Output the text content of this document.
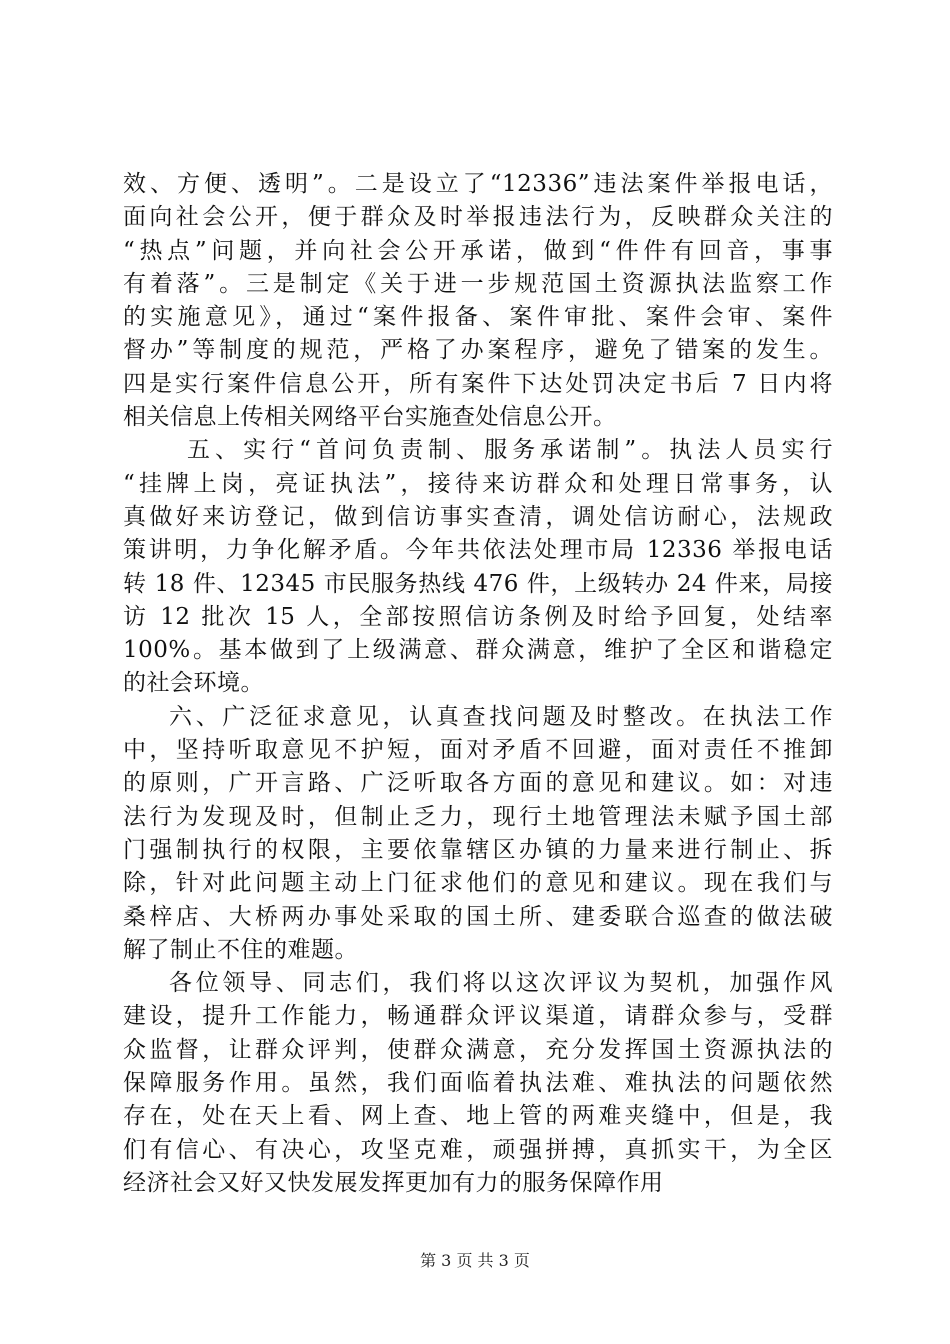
效、方便、透明”。二是设立了“12336”违法案件举报电话，
面向社会公开，便于群众及时举报违法行为，反映群众关注的
“热点”问题，并向社会公开承诺，做到“件件有回音，事事
有着落”。三是制定《关于进一步规范国土资源执法监察工作
的实施意见》，通过“案件报备、案件审批、案件会审、案件
督办”等制度的规范，严格了办案程序，避免了错案的发生。
四是实行案件信息公开，所有案件下达处罚决定书后 7 日内将
相关信息上传相关网络平台实施查处信息公开。
五、实行“首问负责制、服务承诺制”。执法人员实行
“挂牌上岗，亮证执法”，接待来访群众和处理日常事务，认
真做好来访登记，做到信访事实查清，调处信访耐心，法规政
策讲明，力争化解矛盾。今年共依法处理市局 12336 举报电话
转 18 件、12345 市民服务热线 476 件，上级转办 24 件来，局接
访 12 批次 15 人，全部按照信访条例及时给予回复，处结率
100%。基本做到了上级满意、群众满意，维护了全区和谐稳定
的社会环境。
六、广泛征求意见，认真查找问题及时整改。在执法工作
中，坚持听取意见不护短，面对矛盾不回避，面对责任不推卸
的原则，广开言路、广泛听取各方面的意见和建议。如：对违
法行为发现及时，但制止乏力，现行土地管理法未赋予国土部
门强制执行的权限，主要依靠辖区办镇的力量来进行制止、拆
除，针对此问题主动上门征求他们的意见和建议。现在我们与
桑梓店、大桥两办事处采取的国土所、建委联合巡查的做法破
解了制止不住的难题。
各位领导、同志们，我们将以这次评议为契机，加强作风
建设，提升工作能力，畅通群众评议渠道，请群众参与，受群
众监督，让群众评判，使群众满意，充分发挥国土资源执法的
保障服务作用。虽然，我们面临着执法难、难执法的问题依然
存在，处在天上看、网上查、地上管的两难夹缝中，但是，我
们有信心、有决心，攻坚克难，顽强拼搏，真抓实干，为全区
经济社会又好又快发展发挥更加有力的服务保障作用
第 3 页 共 3 页
